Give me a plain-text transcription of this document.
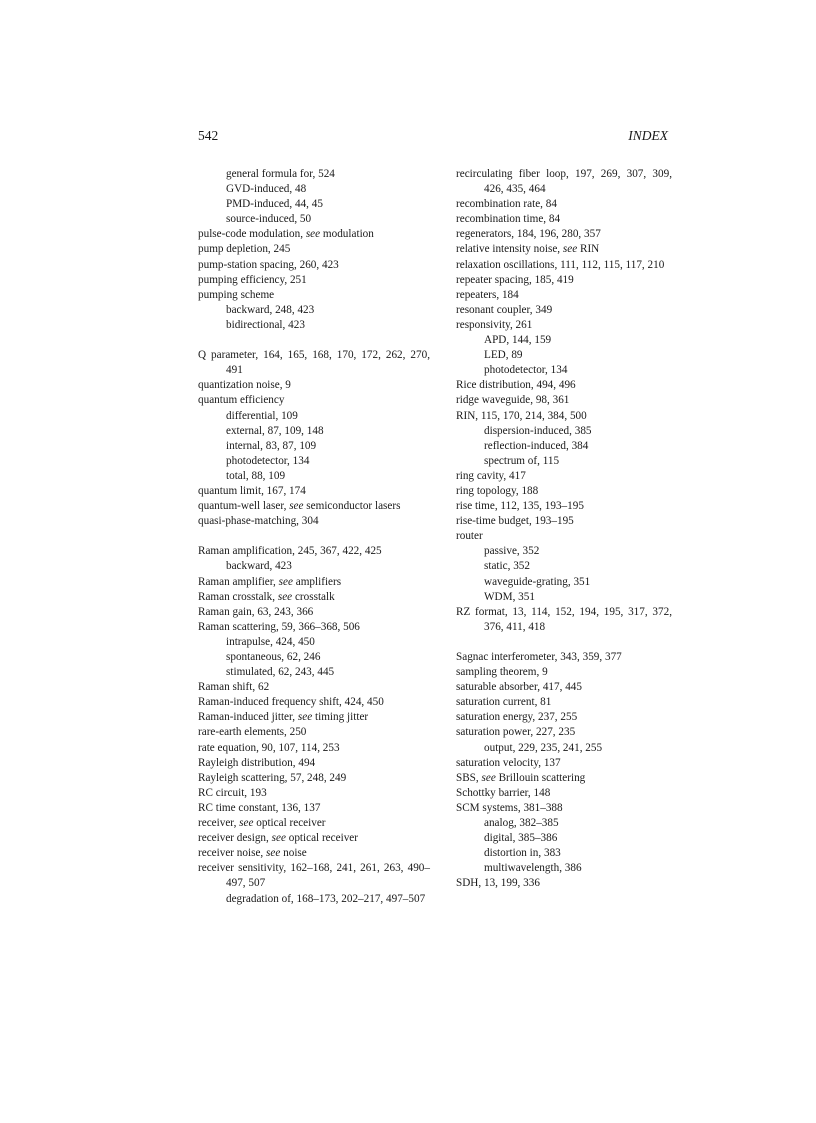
542	INDEX
general formula for, 524
GVD-induced, 48
PMD-induced, 44, 45
source-induced, 50
pulse-code modulation, see modulation
pump depletion, 245
pump-station spacing, 260, 423
pumping efficiency, 251
pumping scheme
backward, 248, 423
bidirectional, 423
Q parameter, 164, 165, 168, 170, 172, 262, 270, 491
quantization noise, 9
quantum efficiency
differential, 109
external, 87, 109, 148
internal, 83, 87, 109
photodetector, 134
total, 88, 109
quantum limit, 167, 174
quantum-well laser, see semiconductor lasers
quasi-phase-matching, 304
Raman amplification, 245, 367, 422, 425
backward, 423
Raman amplifier, see amplifiers
Raman crosstalk, see crosstalk
Raman gain, 63, 243, 366
Raman scattering, 59, 366–368, 506
intrapulse, 424, 450
spontaneous, 62, 246
stimulated, 62, 243, 445
Raman shift, 62
Raman-induced frequency shift, 424, 450
Raman-induced jitter, see timing jitter
rare-earth elements, 250
rate equation, 90, 107, 114, 253
Rayleigh distribution, 494
Rayleigh scattering, 57, 248, 249
RC circuit, 193
RC time constant, 136, 137
receiver, see optical receiver
receiver design, see optical receiver
receiver noise, see noise
receiver sensitivity, 162–168, 241, 261, 263, 490–497, 507
degradation of, 168–173, 202–217, 497–507
recirculating fiber loop, 197, 269, 307, 309, 426, 435, 464
recombination rate, 84
recombination time, 84
regenerators, 184, 196, 280, 357
relative intensity noise, see RIN
relaxation oscillations, 111, 112, 115, 117, 210
repeater spacing, 185, 419
repeaters, 184
resonant coupler, 349
responsivity, 261
APD, 144, 159
LED, 89
photodetector, 134
Rice distribution, 494, 496
ridge waveguide, 98, 361
RIN, 115, 170, 214, 384, 500
dispersion-induced, 385
reflection-induced, 384
spectrum of, 115
ring cavity, 417
ring topology, 188
rise time, 112, 135, 193–195
rise-time budget, 193–195
router
passive, 352
static, 352
waveguide-grating, 351
WDM, 351
RZ format, 13, 114, 152, 194, 195, 317, 372, 376, 411, 418
Sagnac interferometer, 343, 359, 377
sampling theorem, 9
saturable absorber, 417, 445
saturation current, 81
saturation energy, 237, 255
saturation power, 227, 235
output, 229, 235, 241, 255
saturation velocity, 137
SBS, see Brillouin scattering
Schottky barrier, 148
SCM systems, 381–388
analog, 382–385
digital, 385–386
distortion in, 383
multiwavelength, 386
SDH, 13, 199, 336
